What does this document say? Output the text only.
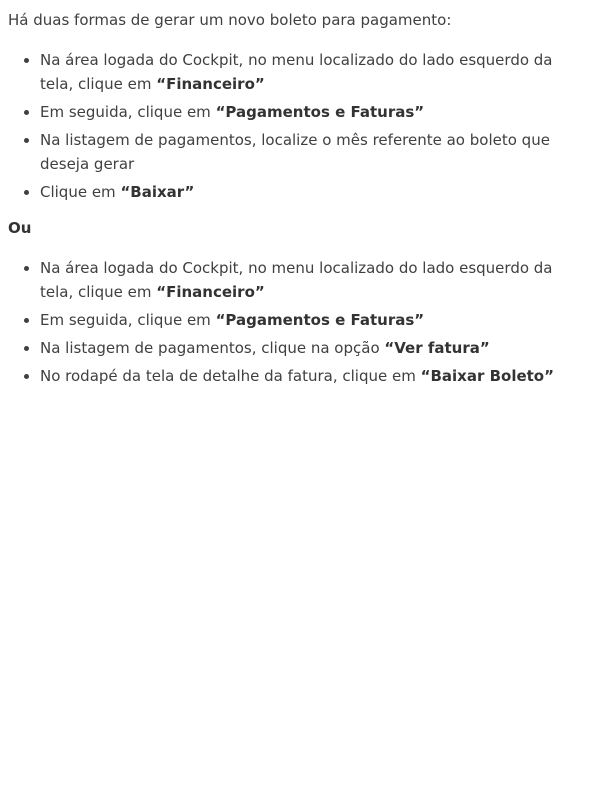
Há duas formas de gerar um novo boleto para pagamento:

• Na área logada do Cockpit, no menu localizado do lado esquerdo da tela, clique em “Financeiro”
• Em seguida, clique em “Pagamentos e Faturas”
• Na listagem de pagamentos, localize o mês referente ao boleto que deseja gerar
• Clique em “Baixar”

Ou

• Na área logada do Cockpit, no menu localizado do lado esquerdo da tela, clique em “Financeiro”
• Em seguida, clique em “Pagamentos e Faturas”
• Na listagem de pagamentos, clique na opção “Ver fatura”
• No rodapé da tela de detalhe da fatura, clique em “Baixar Boleto”
